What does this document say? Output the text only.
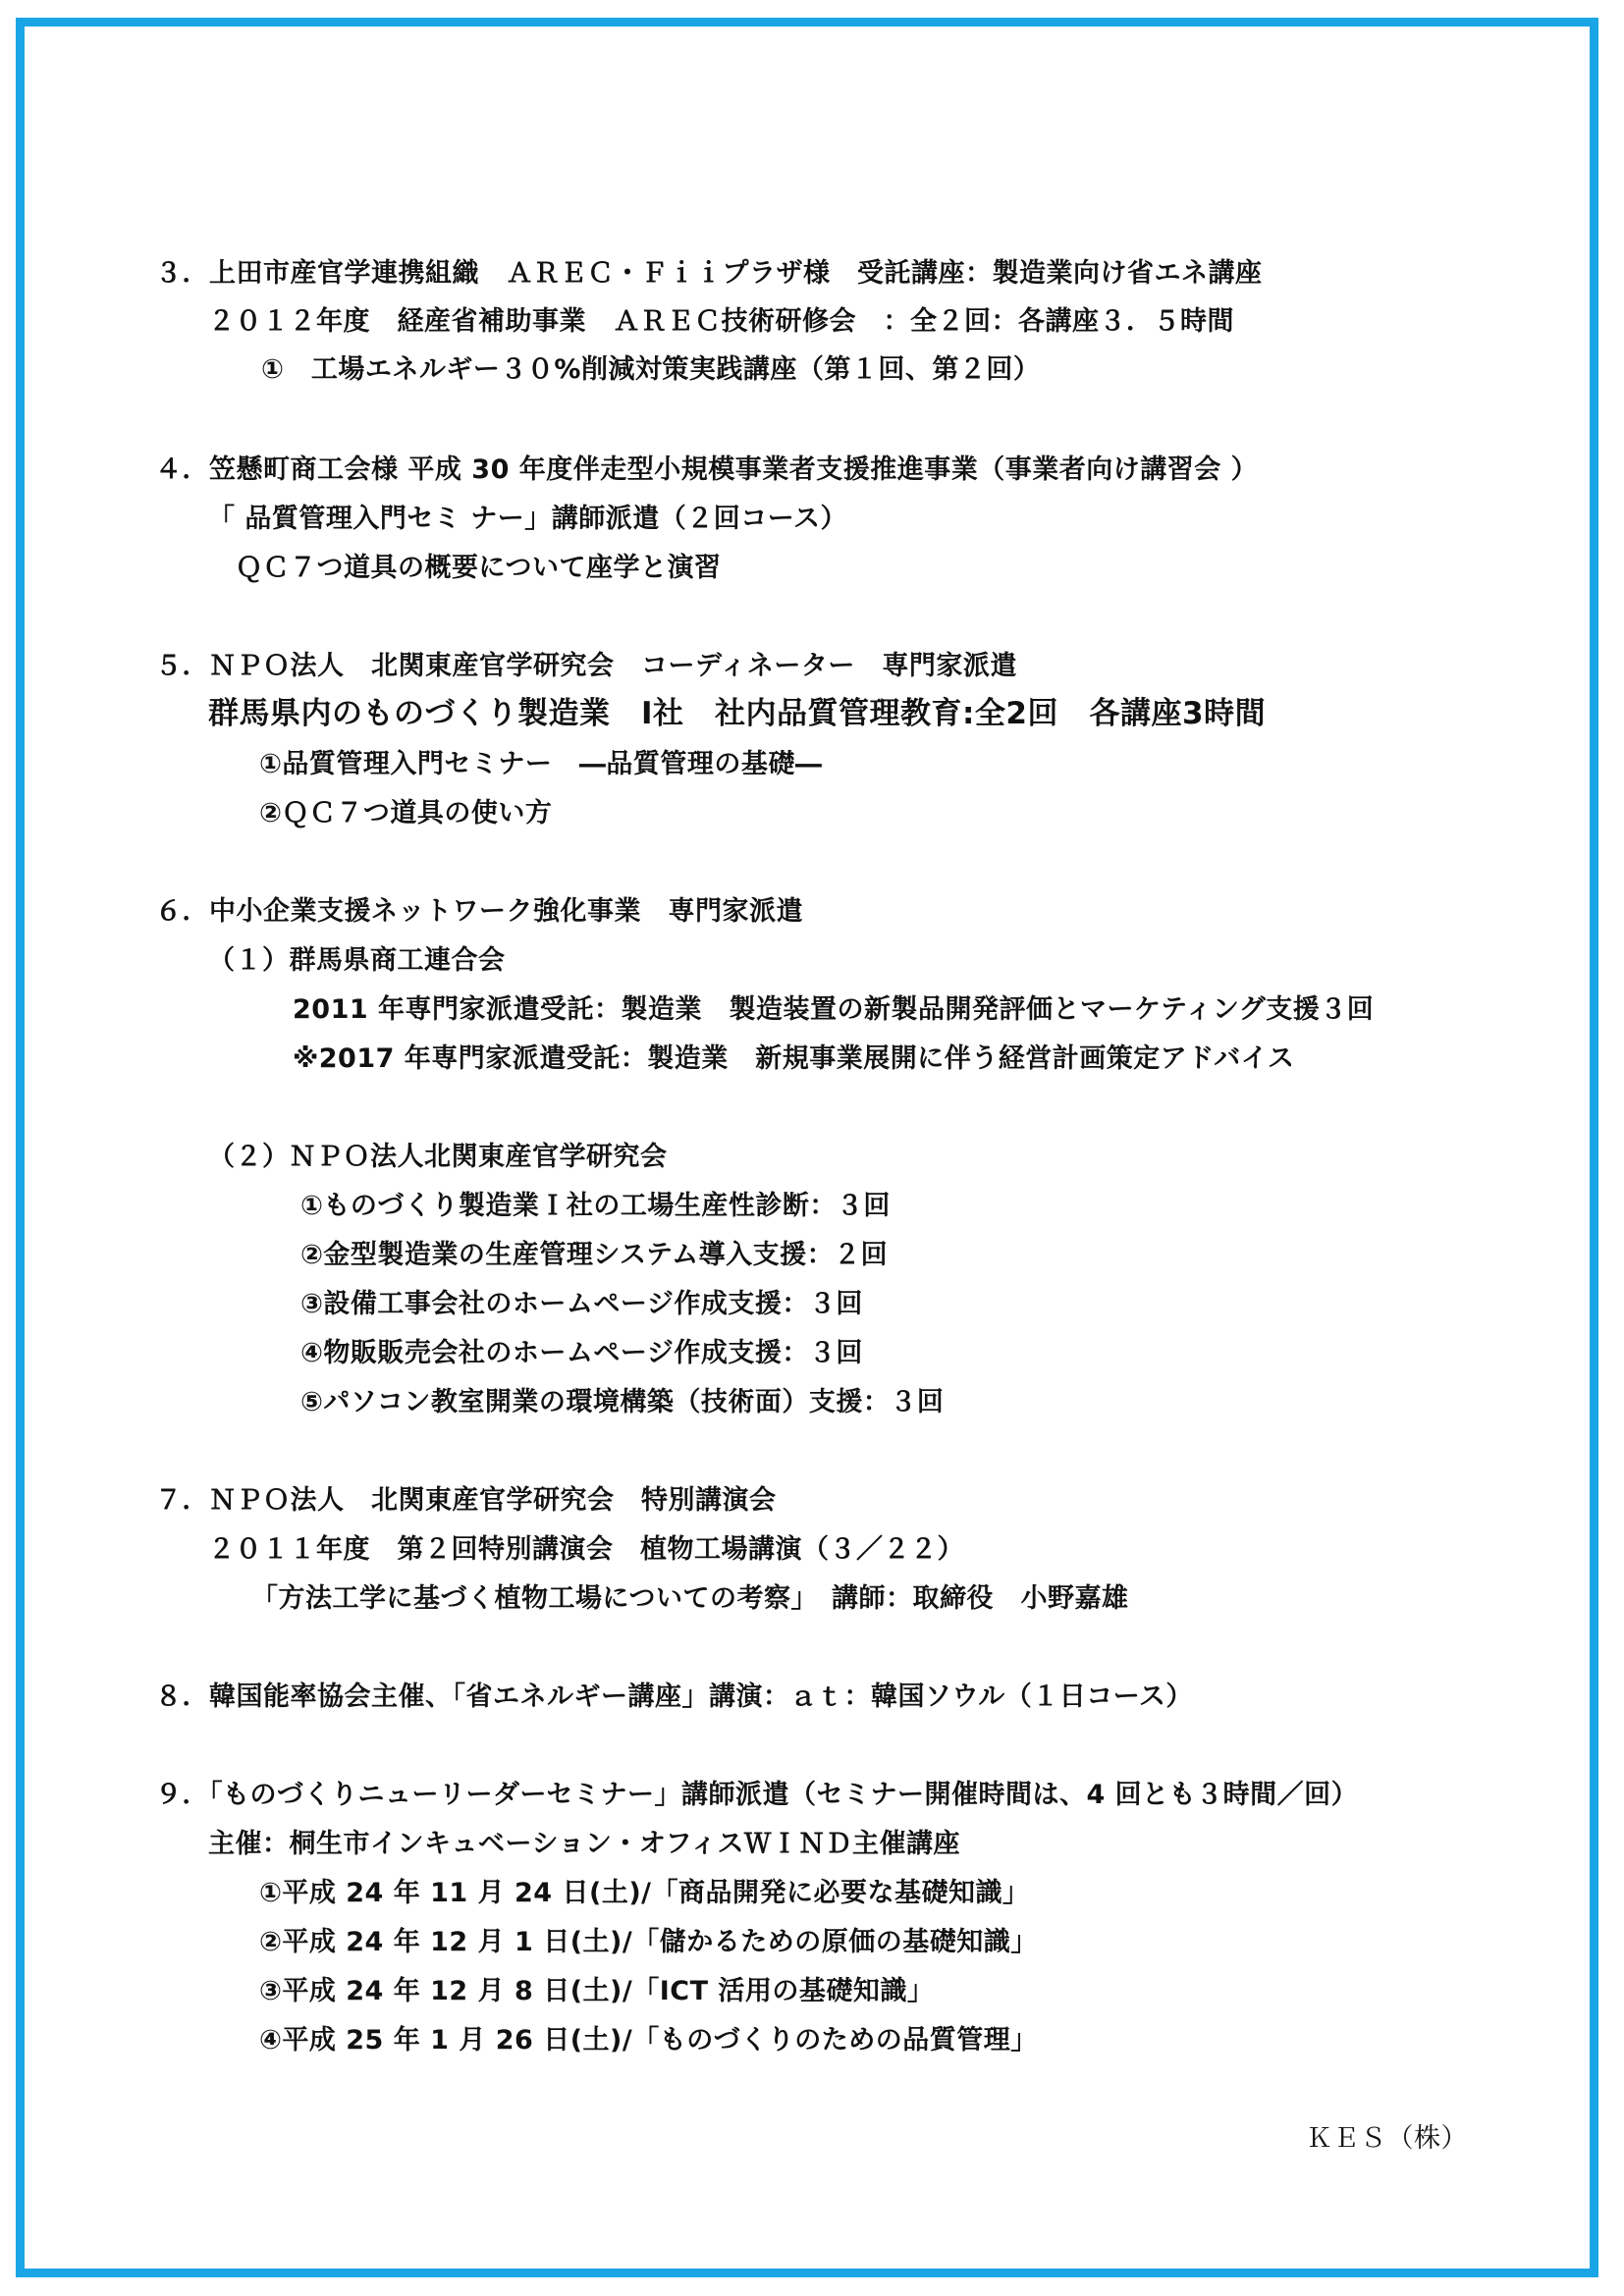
３．上田市産官学連携組織　ＡＲＥＣ・Ｆｉｉプラザ様　受託講座：製造業向け省エネ講座
２０１２年度　経産省補助事業　ＡＲＥＣ技術研修会　：全２回：各講座３．５時間
①　工場エネルギー３０%削減対策実践講座（第１回、第２回）
４．笠懸町商工会様 平成 30 年度伴走型小規模事業者支援推進事業（事業者向け講習会 ）
「 品質管理入門セミ ナー」講師派遣（２回コース）
ＱＣ７つ道具の概要について座学と演習
５．ＮＰＯ法人　北関東産官学研究会　コーディネーター　専門家派遣
群馬県内のものづくり製造業　I社　社内品質管理教育:全2回　各講座3時間
①品質管理入門セミナー　―品質管理の基礎―
②ＱＣ７つ道具の使い方
６．中小企業支援ネットワーク強化事業　専門家派遣
（１）群馬県商工連合会
2011 年専門家派遣受託：製造業　製造装置の新製品開発評価とマーケティング支援３回
※2017 年専門家派遣受託：製造業　新規事業展開に伴う経営計画策定アドバイス
（２）ＮＰＯ法人北関東産官学研究会
①ものづくり製造業Ｉ社の工場生産性診断：３回
②金型製造業の生産管理システム導入支援：２回
③設備工事会社のホームページ作成支援：３回
④物販販売会社のホームページ作成支援：３回
⑤パソコン教室開業の環境構築（技術面）支援：３回
７．ＮＰＯ法人　北関東産官学研究会　特別講演会
２０１１年度　第２回特別講演会　植物工場講演（３／２２）
「方法工学に基づく植物工場についての考察」　講師：取締役　小野嘉雄
８．韓国能率協会主催、「省エネルギー講座」講演：ａｔ：韓国ソウル（１日コース）
９．「ものづくりニューリーダーセミナー」講師派遣（セミナー開催時間は、4 回とも３時間／回）
主催：桐生市インキュベーション・オフィスＷＩＮＤ主催講座
①平成 24 年 11 月 24 日(土)/「商品開発に必要な基礎知識」
②平成 24 年 12 月 1 日(土)/「儲かるための原価の基礎知識」
③平成 24 年 12 月 8 日(土)/「ICT 活用の基礎知識」
④平成 25 年 1 月 26 日(土)/「ものづくりのための品質管理」
ＫＥＳ（株）
